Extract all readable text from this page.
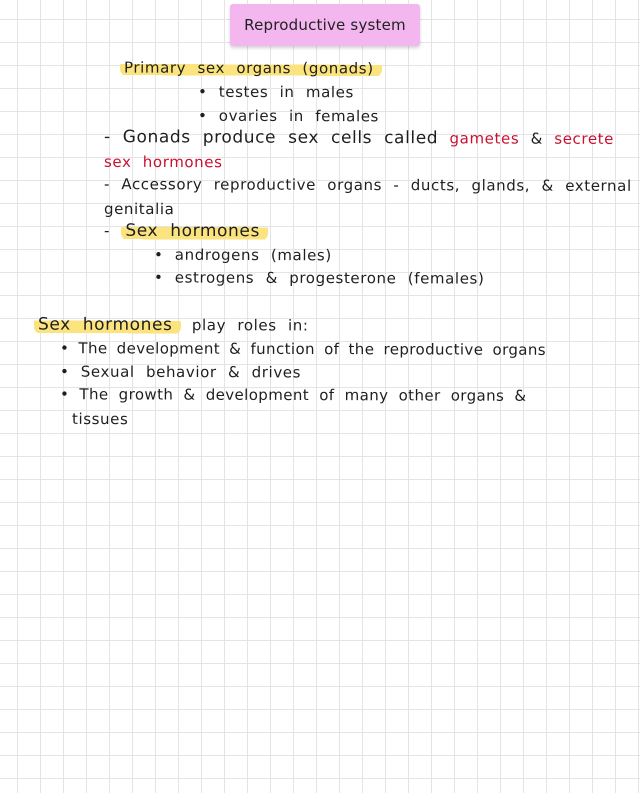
Reproductive system
Primary sex organs (gonads)
• testes in males
• ovaries in females
- Gonads produce sex cells called gametes & secrete
sex hormones
- Accessory reproductive organs - ducts, glands, & external
genitalia
- Sex hormones
• androgens (males)
• estrogens & progesterone (females)
Sex hormones play roles in:
• The development & function of the reproductive organs
• Sexual behavior & drives
• The growth & development of many other organs &
tissues
